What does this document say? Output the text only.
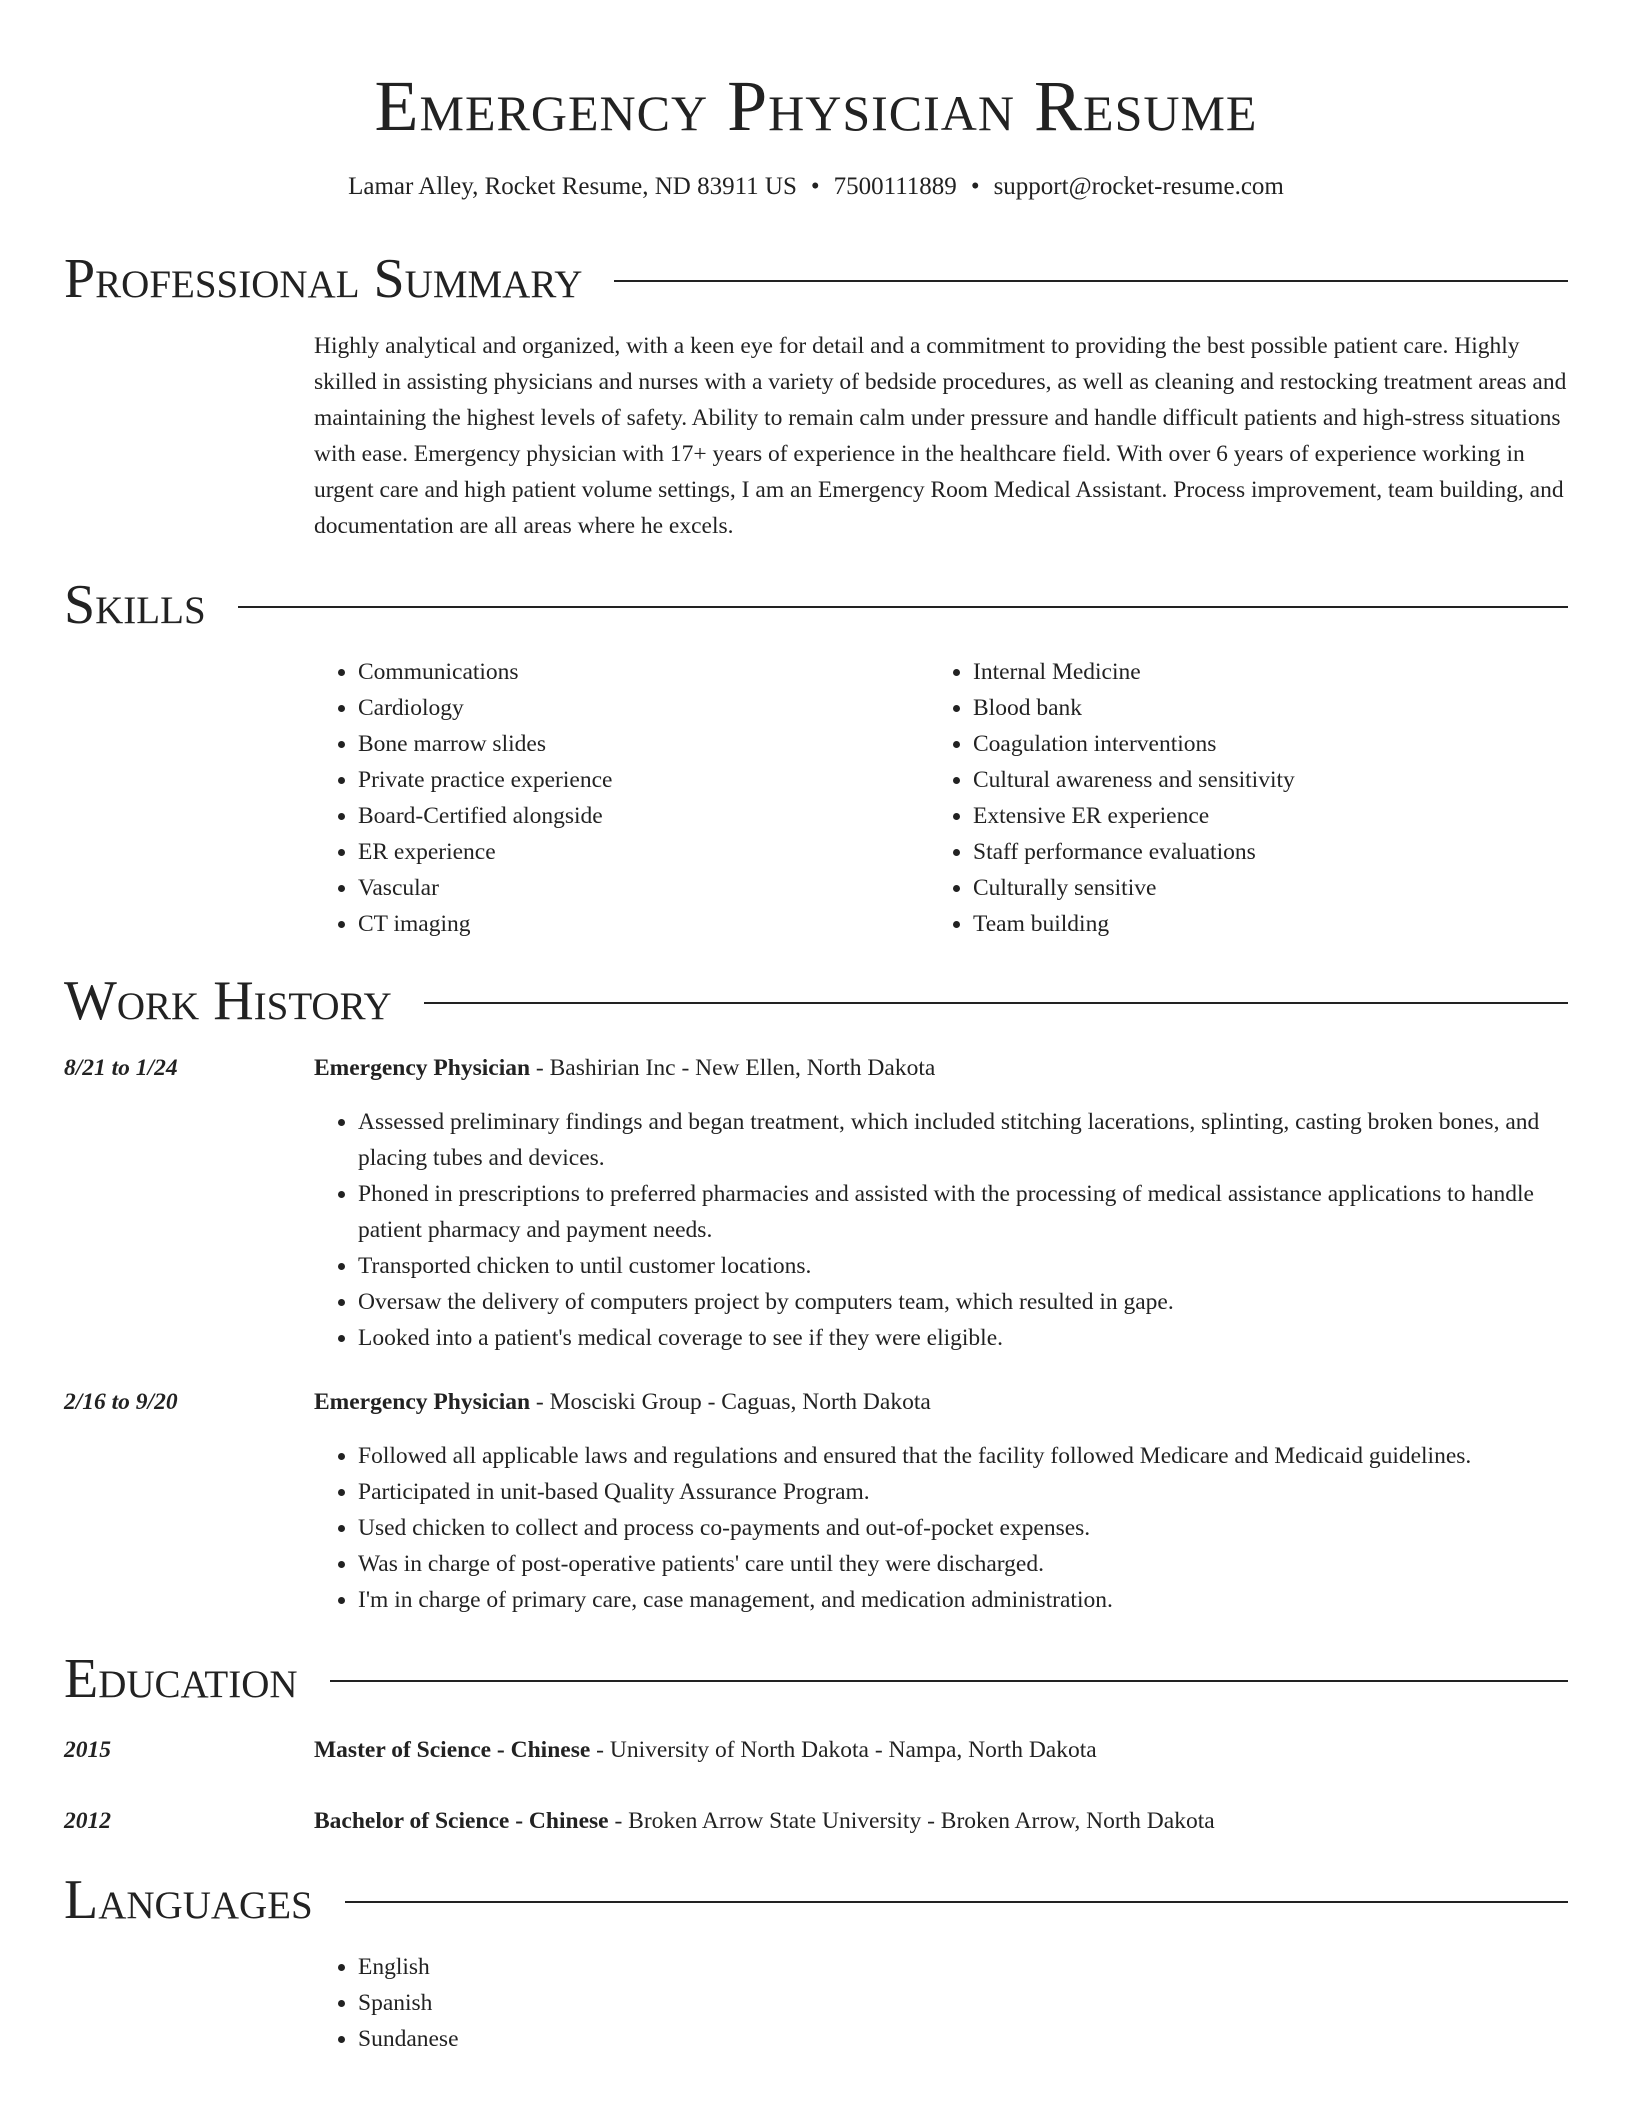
Emergency Physician Resume
Lamar Alley, Rocket Resume, ND 83911 US • 7500111889 • support@rocket-resume.com
Professional Summary
Highly analytical and organized, with a keen eye for detail and a commitment to providing the best possible patient care. Highly skilled in assisting physicians and nurses with a variety of bedside procedures, as well as cleaning and restocking treatment areas and maintaining the highest levels of safety. Ability to remain calm under pressure and handle difficult patients and high-stress situations with ease. Emergency physician with 17+ years of experience in the healthcare field. With over 6 years of experience working in urgent care and high patient volume settings, I am an Emergency Room Medical Assistant. Process improvement, team building, and documentation are all areas where he excels.
Skills
• Communications
• Cardiology
• Bone marrow slides
• Private practice experience
• Board-Certified alongside
• ER experience
• Vascular
• CT imaging
• Internal Medicine
• Blood bank
• Coagulation interventions
• Cultural awareness and sensitivity
• Extensive ER experience
• Staff performance evaluations
• Culturally sensitive
• Team building
Work History
8/21 to 1/24	Emergency Physician - Bashirian Inc - New Ellen, North Dakota
• Assessed preliminary findings and began treatment, which included stitching lacerations, splinting, casting broken bones, and placing tubes and devices.
• Phoned in prescriptions to preferred pharmacies and assisted with the processing of medical assistance applications to handle patient pharmacy and payment needs.
• Transported chicken to until customer locations.
• Oversaw the delivery of computers project by computers team, which resulted in gape.
• Looked into a patient's medical coverage to see if they were eligible.
2/16 to 9/20	Emergency Physician - Mosciski Group - Caguas, North Dakota
• Followed all applicable laws and regulations and ensured that the facility followed Medicare and Medicaid guidelines.
• Participated in unit-based Quality Assurance Program.
• Used chicken to collect and process co-payments and out-of-pocket expenses.
• Was in charge of post-operative patients' care until they were discharged.
• I'm in charge of primary care, case management, and medication administration.
Education
2015	Master of Science - Chinese - University of North Dakota - Nampa, North Dakota
2012	Bachelor of Science - Chinese - Broken Arrow State University - Broken Arrow, North Dakota
Languages
• English
• Spanish
• Sundanese
